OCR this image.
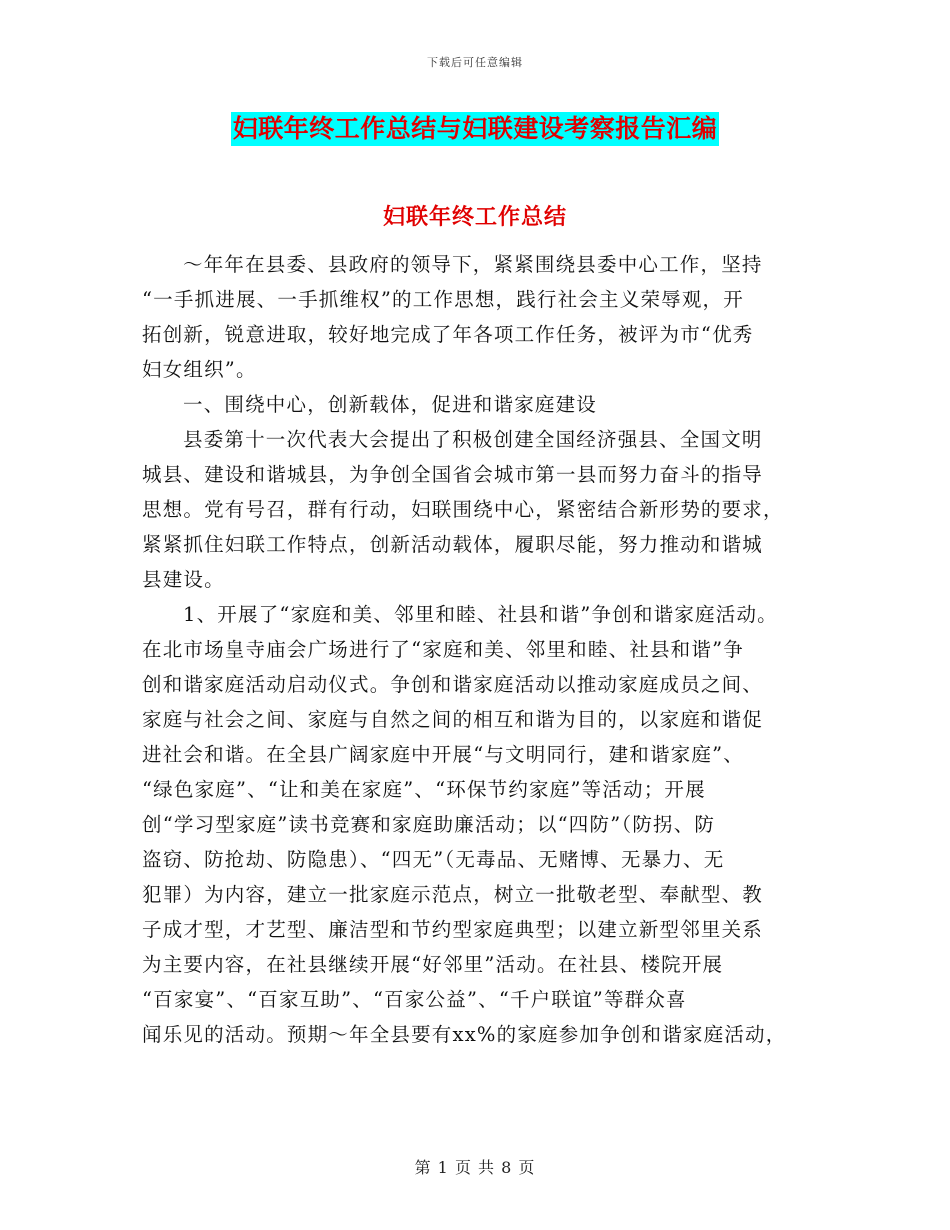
下载后可任意编辑
妇联年终工作总结与妇联建设考察报告汇编
妇联年终工作总结
～年年在县委、县政府的领导下，紧紧围绕县委中心工作，坚持
“一手抓进展、一手抓维权”的工作思想，践行社会主义荣辱观，开
拓创新，锐意进取，较好地完成了年各项工作任务，被评为市“优秀
妇女组织”。
一、围绕中心，创新载体，促进和谐家庭建设
县委第十一次代表大会提出了积极创建全国经济强县、全国文明
城县、建设和谐城县，为争创全国省会城市第一县而努力奋斗的指导
思想。党有号召，群有行动，妇联围绕中心，紧密结合新形势的要求，
紧紧抓住妇联工作特点，创新活动载体，履职尽能，努力推动和谐城
县建设。
1、开展了“家庭和美、邻里和睦、社县和谐”争创和谐家庭活动。
在北市场皇寺庙会广场进行了“家庭和美、邻里和睦、社县和谐”争
创和谐家庭活动启动仪式。争创和谐家庭活动以推动家庭成员之间、
家庭与社会之间、家庭与自然之间的相互和谐为目的，以家庭和谐促
进社会和谐。在全县广阔家庭中开展“与文明同行，建和谐家庭”、
“绿色家庭”、“让和美在家庭”、“环保节约家庭”等活动；开展
创“学习型家庭”读书竞赛和家庭助廉活动；以“四防”（防拐、防
盗窃、防抢劫、防隐患）、“四无”（无毒品、无赌博、无暴力、无
犯罪）为内容，建立一批家庭示范点，树立一批敬老型、奉献型、教
子成才型，才艺型、廉洁型和节约型家庭典型；以建立新型邻里关系
为主要内容，在社县继续开展“好邻里”活动。在社县、楼院开展
“百家宴”、“百家互助”、“百家公益”、“千户联谊”等群众喜
闻乐见的活动。预期～年全县要有xx%的家庭参加争创和谐家庭活动，
第 1 页 共 8 页
